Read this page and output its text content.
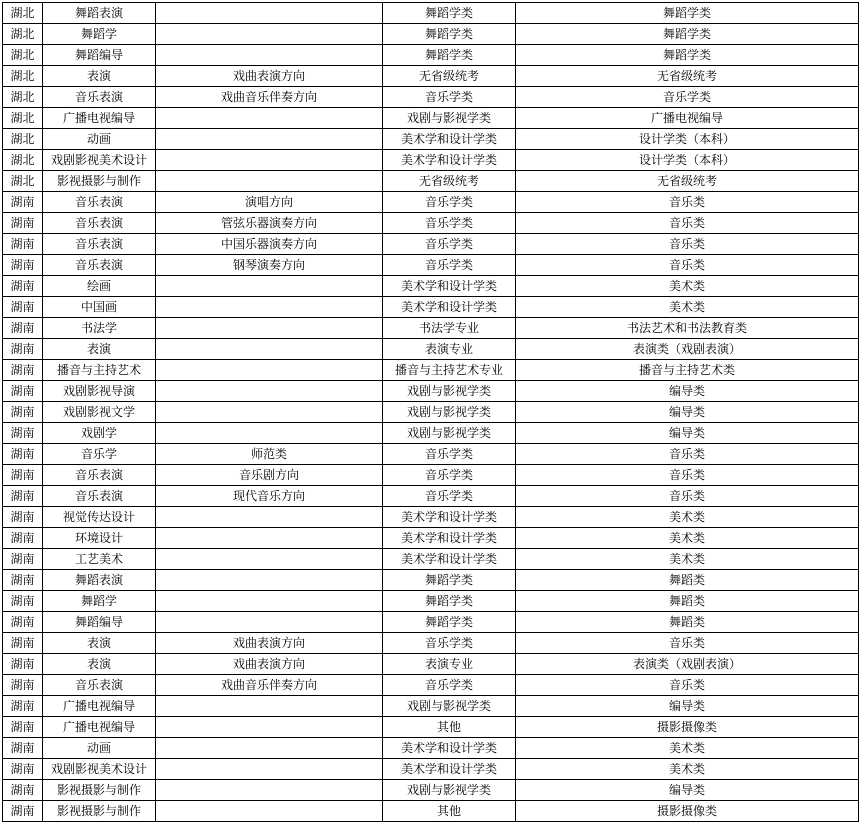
湖北	舞蹈表演		舞蹈学类	舞蹈学类
湖北	舞蹈学		舞蹈学类	舞蹈学类
湖北	舞蹈编导		舞蹈学类	舞蹈学类
湖北	表演	戏曲表演方向	无省级统考	无省级统考
湖北	音乐表演	戏曲音乐伴奏方向	音乐学类	音乐学类
湖北	广播电视编导		戏剧与影视学类	广播电视编导
湖北	动画		美术学和设计学类	设计学类（本科）
湖北	戏剧影视美术设计		美术学和设计学类	设计学类（本科）
湖北	影视摄影与制作		无省级统考	无省级统考
湖南	音乐表演	演唱方向	音乐学类	音乐类
湖南	音乐表演	管弦乐器演奏方向	音乐学类	音乐类
湖南	音乐表演	中国乐器演奏方向	音乐学类	音乐类
湖南	音乐表演	钢琴演奏方向	音乐学类	音乐类
湖南	绘画		美术学和设计学类	美术类
湖南	中国画		美术学和设计学类	美术类
湖南	书法学		书法学专业	书法艺术和书法教育类
湖南	表演		表演专业	表演类（戏剧表演）
湖南	播音与主持艺术		播音与主持艺术专业	播音与主持艺术类
湖南	戏剧影视导演		戏剧与影视学类	编导类
湖南	戏剧影视文学		戏剧与影视学类	编导类
湖南	戏剧学		戏剧与影视学类	编导类
湖南	音乐学	师范类	音乐学类	音乐类
湖南	音乐表演	音乐剧方向	音乐学类	音乐类
湖南	音乐表演	现代音乐方向	音乐学类	音乐类
湖南	视觉传达设计		美术学和设计学类	美术类
湖南	环境设计		美术学和设计学类	美术类
湖南	工艺美术		美术学和设计学类	美术类
湖南	舞蹈表演		舞蹈学类	舞蹈类
湖南	舞蹈学		舞蹈学类	舞蹈类
湖南	舞蹈编导		舞蹈学类	舞蹈类
湖南	表演	戏曲表演方向	音乐学类	音乐类
湖南	表演	戏曲表演方向	表演专业	表演类（戏剧表演）
湖南	音乐表演	戏曲音乐伴奏方向	音乐学类	音乐类
湖南	广播电视编导		戏剧与影视学类	编导类
湖南	广播电视编导		其他	摄影摄像类
湖南	动画		美术学和设计学类	美术类
湖南	戏剧影视美术设计		美术学和设计学类	美术类
湖南	影视摄影与制作		戏剧与影视学类	编导类
湖南	影视摄影与制作		其他	摄影摄像类
